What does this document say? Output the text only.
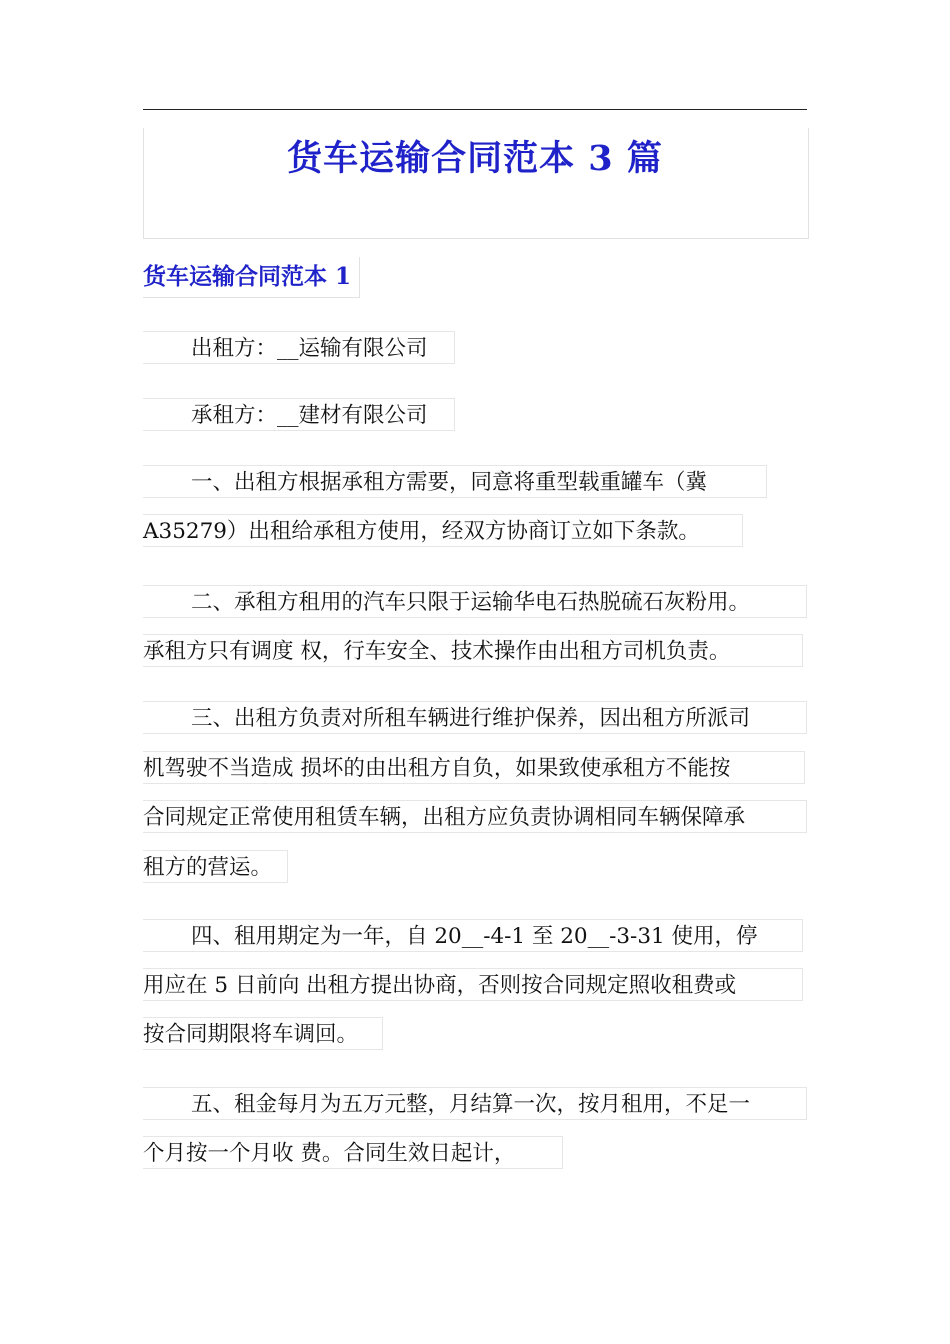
货车运输合同范本 3 篇
货车运输合同范本 1
出租方：__运输有限公司
承租方：__建材有限公司
一、出租方根据承租方需要，同意将重型载重罐车（冀
A35279）出租给承租方使用，经双方协商订立如下条款。
二、承租方租用的汽车只限于运输华电石热脱硫石灰粉用。
承租方只有调度 权，行车安全、技术操作由出租方司机负责。
三、出租方负责对所租车辆进行维护保养，因出租方所派司
机驾驶不当造成 损坏的由出租方自负，如果致使承租方不能按
合同规定正常使用租赁车辆，出租方应负责协调相同车辆保障承
租方的营运。
四、租用期定为一年，自 20__-4-1 至 20__-3-31 使用，停
用应在 5 日前向 出租方提出协商，否则按合同规定照收租费或
按合同期限将车调回。
五、租金每月为五万元整，月结算一次，按月租用，不足一
个月按一个月收 费。合同生效日起计，
